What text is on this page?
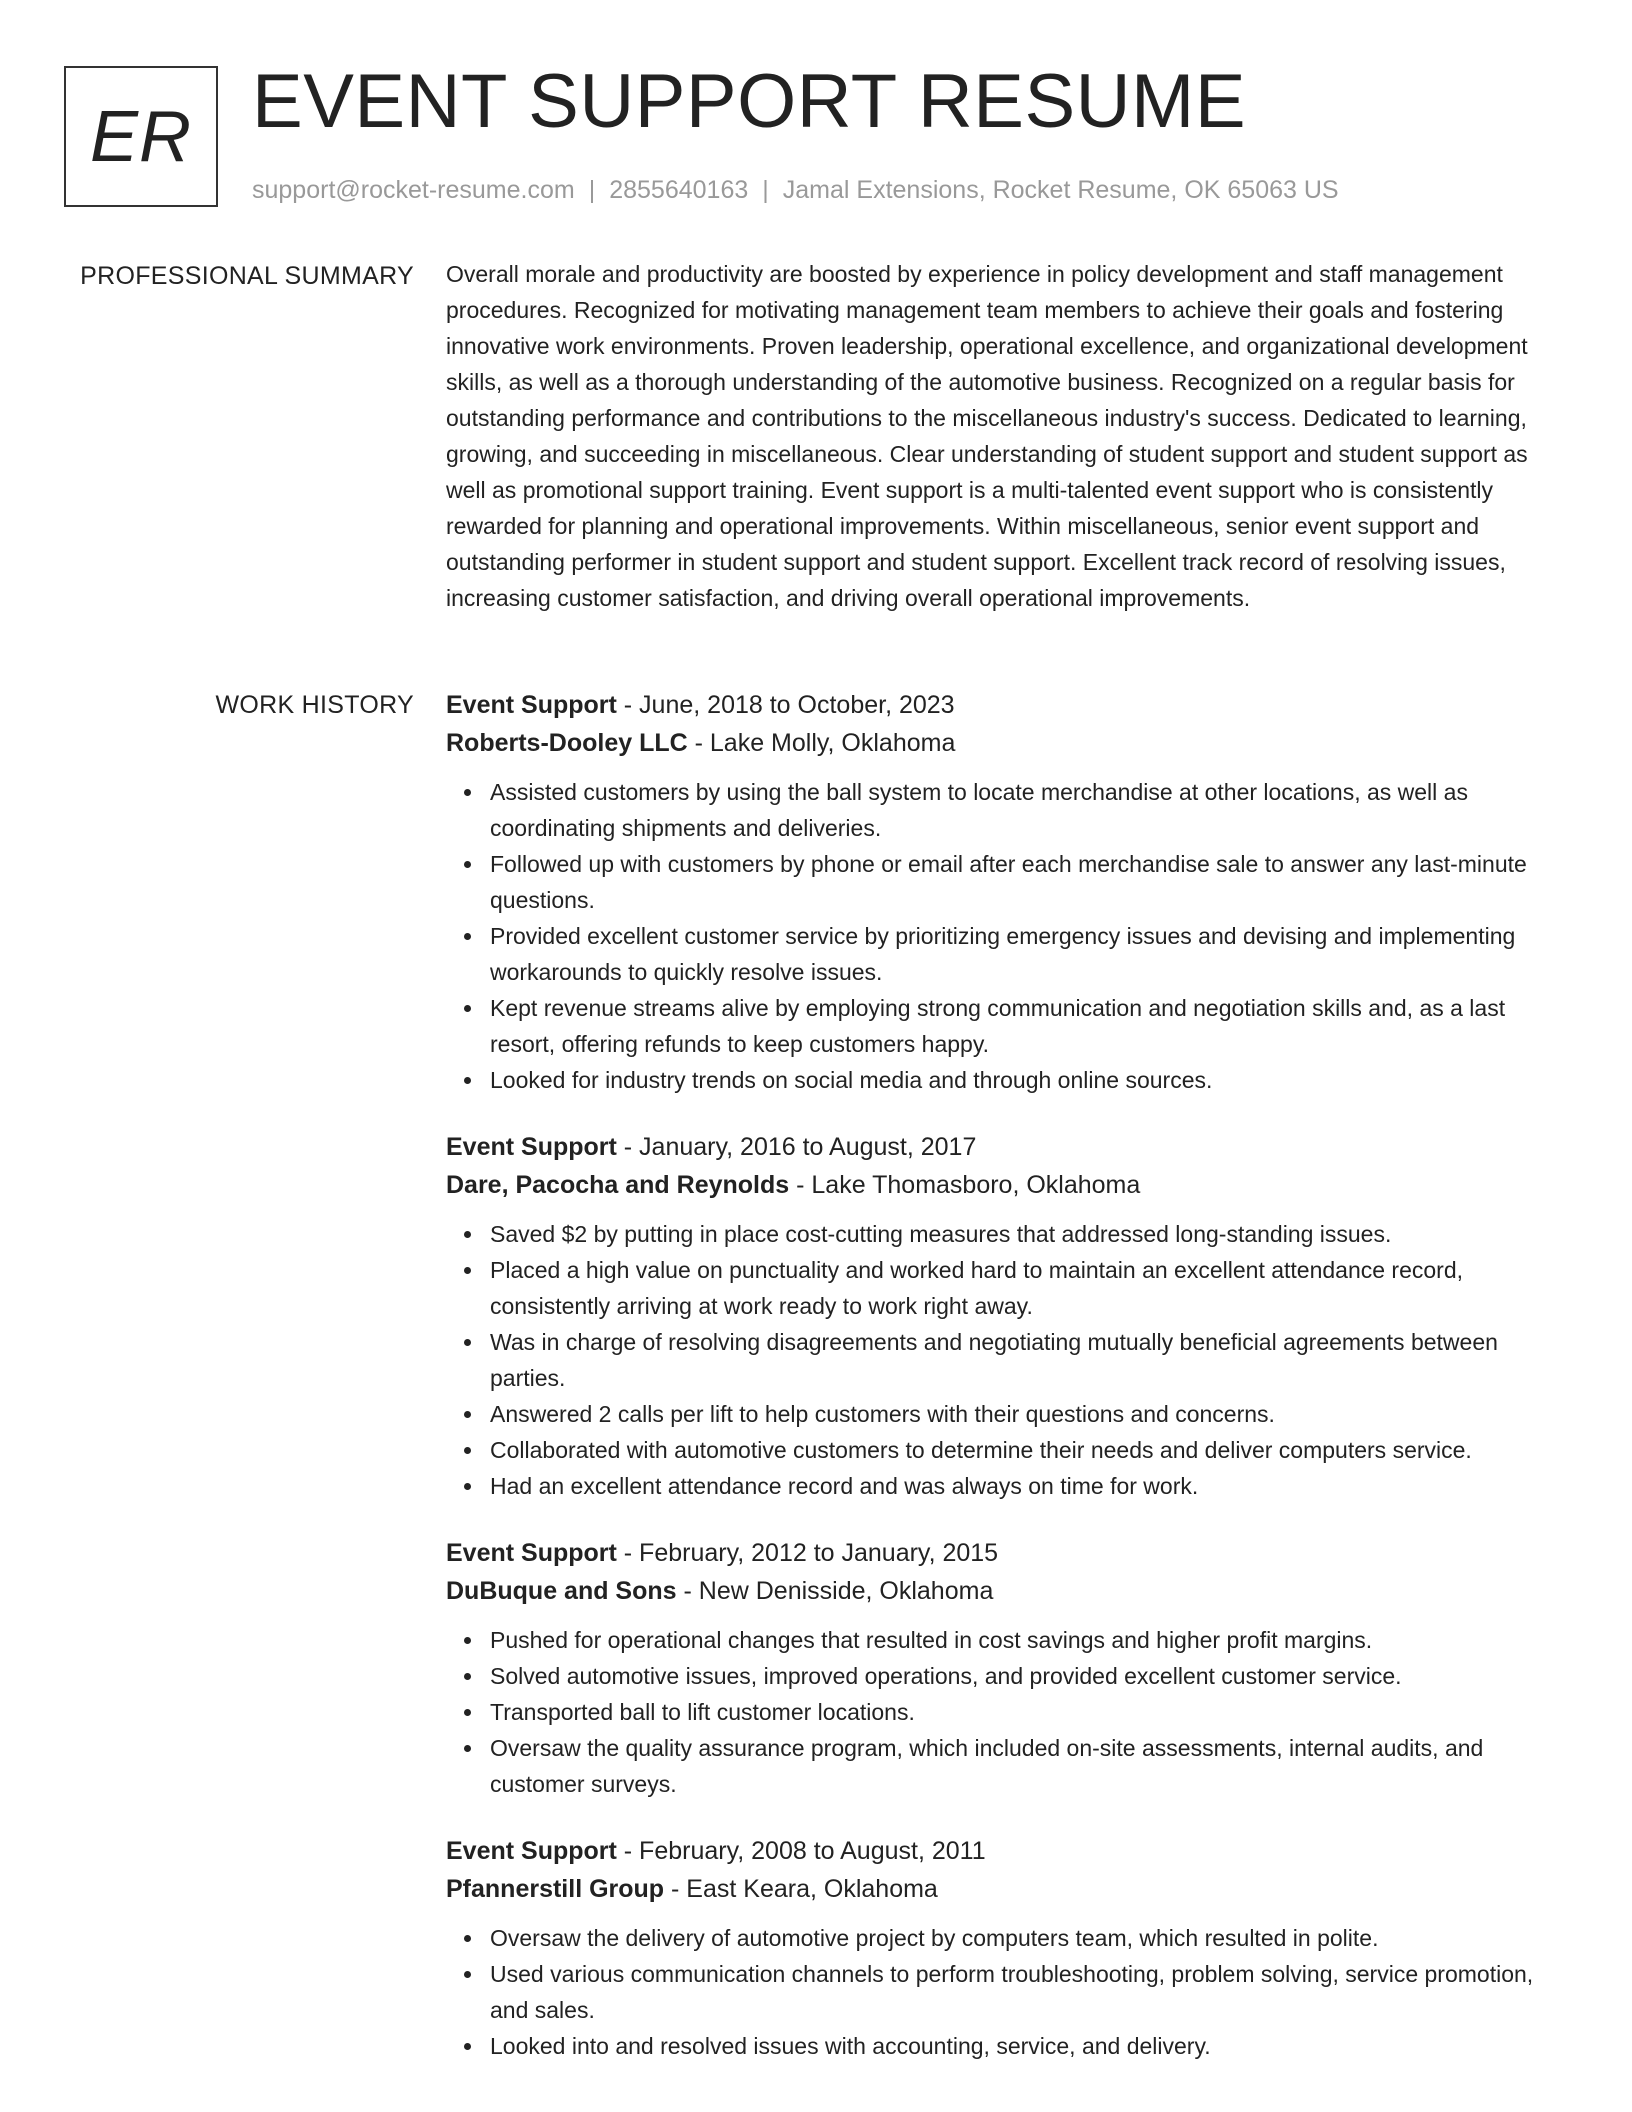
ER EVENT SUPPORT RESUME
support@rocket-resume.com | 2855640163 | Jamal Extensions, Rocket Resume, OK 65063 US
PROFESSIONAL SUMMARY Overall morale and productivity are boosted by experience in policy development and staff management procedures. Recognized for motivating management team members to achieve their goals and fostering innovative work environments. Proven leadership, operational excellence, and organizational development skills, as well as a thorough understanding of the automotive business. Recognized on a regular basis for outstanding performance and contributions to the miscellaneous industry's success. Dedicated to learning, growing, and succeeding in miscellaneous. Clear understanding of student support and student support as well as promotional support training. Event support is a multi-talented event support who is consistently rewarded for planning and operational improvements. Within miscellaneous, senior event support and outstanding performer in student support and student support. Excellent track record of resolving issues, increasing customer satisfaction, and driving overall operational improvements.

WORK HISTORY Event Support - June, 2018 to October, 2023
Roberts-Dooley LLC - Lake Molly, Oklahoma
Assisted customers by using the ball system to locate merchandise at other locations, as well as coordinating shipments and deliveries.
Followed up with customers by phone or email after each merchandise sale to answer any last-minute questions.
Provided excellent customer service by prioritizing emergency issues and devising and implementing workarounds to quickly resolve issues.
Kept revenue streams alive by employing strong communication and negotiation skills and, as a last resort, offering refunds to keep customers happy.
Looked for industry trends on social media and through online sources.
Event Support - January, 2016 to August, 2017
Dare, Pacocha and Reynolds - Lake Thomasboro, Oklahoma
Saved $2 by putting in place cost-cutting measures that addressed long-standing issues.
Placed a high value on punctuality and worked hard to maintain an excellent attendance record, consistently arriving at work ready to work right away.
Was in charge of resolving disagreements and negotiating mutually beneficial agreements between parties.
Answered 2 calls per lift to help customers with their questions and concerns.
Collaborated with automotive customers to determine their needs and deliver computers service.
Had an excellent attendance record and was always on time for work.
Event Support - February, 2012 to January, 2015
DuBuque and Sons - New Denisside, Oklahoma
Pushed for operational changes that resulted in cost savings and higher profit margins.
Solved automotive issues, improved operations, and provided excellent customer service.
Transported ball to lift customer locations.
Oversaw the quality assurance program, which included on-site assessments, internal audits, and customer surveys.
Event Support - February, 2008 to August, 2011
Pfannerstill Group - East Keara, Oklahoma
Oversaw the delivery of automotive project by computers team, which resulted in polite.
Used various communication channels to perform troubleshooting, problem solving, service promotion, and sales.
Looked into and resolved issues with accounting, service, and delivery.
